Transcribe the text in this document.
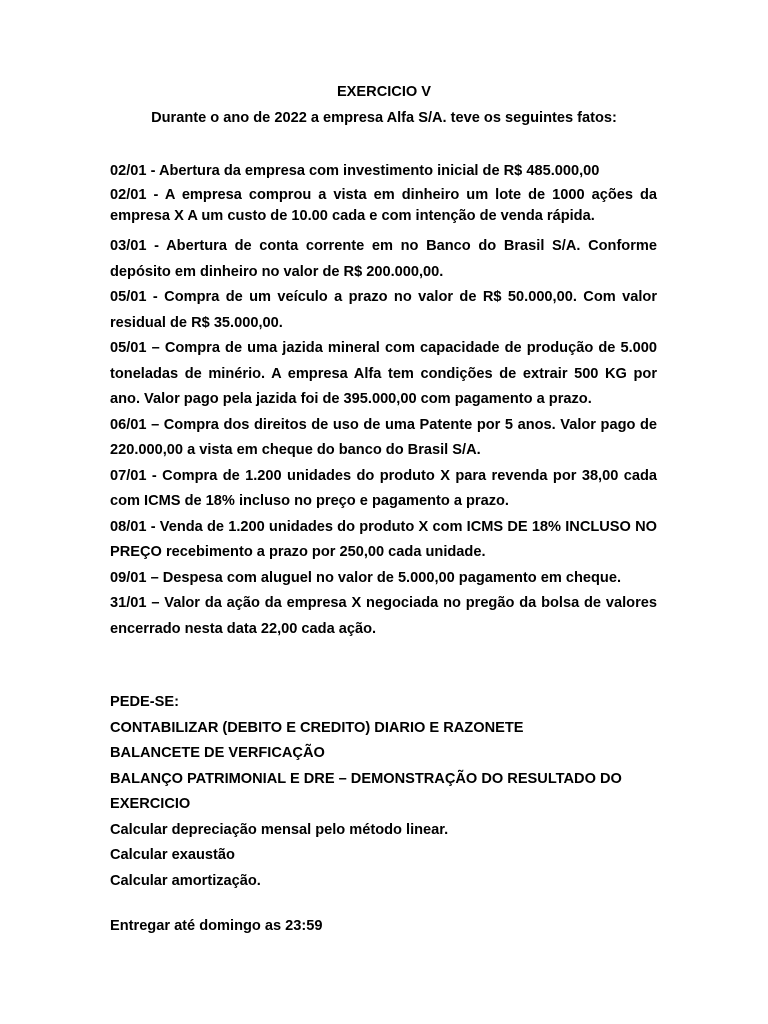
EXERCICIO V
Durante o ano de 2022 a empresa Alfa S/A. teve os seguintes fatos:

02/01 - Abertura da empresa com investimento inicial de R$ 485.000,00

02/01 - A empresa comprou a vista em dinheiro um lote de 1000 ações da empresa X A um custo de 10.00 cada e com intenção de venda rápida.

03/01 - Abertura de conta corrente em no Banco do Brasil S/A. Conforme depósito em dinheiro no valor de R$ 200.000,00.

05/01 - Compra de um veículo a prazo no valor de R$ 50.000,00. Com valor residual de R$ 35.000,00.

05/01 – Compra de uma jazida mineral com capacidade de produção de 5.000 toneladas de minério. A empresa Alfa tem condições de extrair 500 KG por ano. Valor pago pela jazida foi de 395.000,00 com pagamento a prazo.

06/01 – Compra dos direitos de uso de uma Patente por 5 anos. Valor pago de 220.000,00 a vista em cheque do banco do Brasil S/A.

07/01 - Compra de 1.200 unidades do produto X para revenda por 38,00 cada com ICMS de 18% incluso no preço e pagamento a prazo.

08/01 - Venda de 1.200 unidades do produto X com ICMS DE 18% INCLUSO NO PREÇO recebimento a prazo por 250,00 cada unidade.

09/01 – Despesa com aluguel no valor de 5.000,00 pagamento em cheque.

31/01 – Valor da ação da empresa X negociada no pregão da bolsa de valores encerrado nesta data 22,00 cada ação.

PEDE-SE:

CONTABILIZAR (DEBITO E CREDITO) DIARIO E RAZONETE

BALANCETE DE VERFICAÇÃO

BALANÇO PATRIMONIAL E DRE – DEMONSTRAÇÃO DO RESULTADO DO

EXERCICIO

Calcular depreciação mensal pelo método linear.

Calcular exaustão

Calcular amortização.

Entregar até domingo as 23:59
